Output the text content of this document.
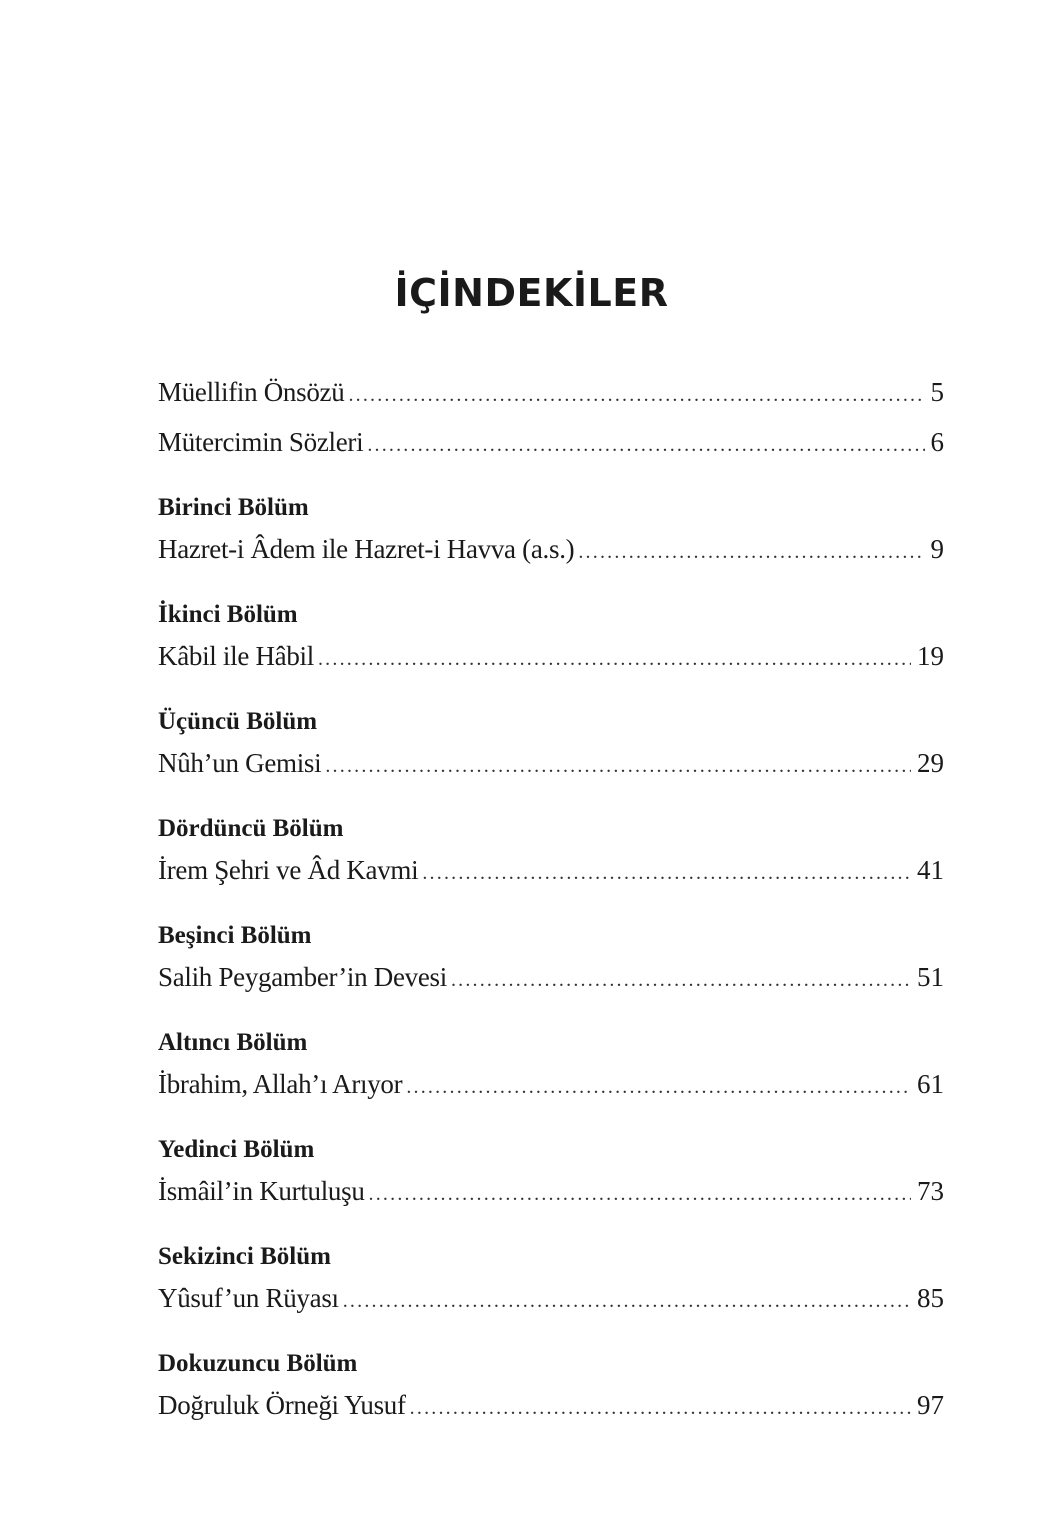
İÇİNDEKİLER
Müellifin Önsözü .....	5
Mütercimin Sözleri .....	6
Birinci Bölüm
Hazret-i Âdem ile Hazret-i Havva (a.s.) .....	9
İkinci Bölüm
Kâbil ile Hâbil .....	19
Üçüncü Bölüm
Nûh’un Gemisi .....	29
Dördüncü Bölüm
İrem Şehri ve Âd Kavmi .....	41
Beşinci Bölüm
Salih Peygamber’in Devesi .....	51
Altıncı Bölüm
İbrahim, Allah’ı Arıyor .....	61
Yedinci Bölüm
İsmâil’in Kurtuluşu .....	73
Sekizinci Bölüm
Yûsuf’un Rüyası .....	85
Dokuzuncu Bölüm
Doğruluk Örneği Yusuf .....	97
